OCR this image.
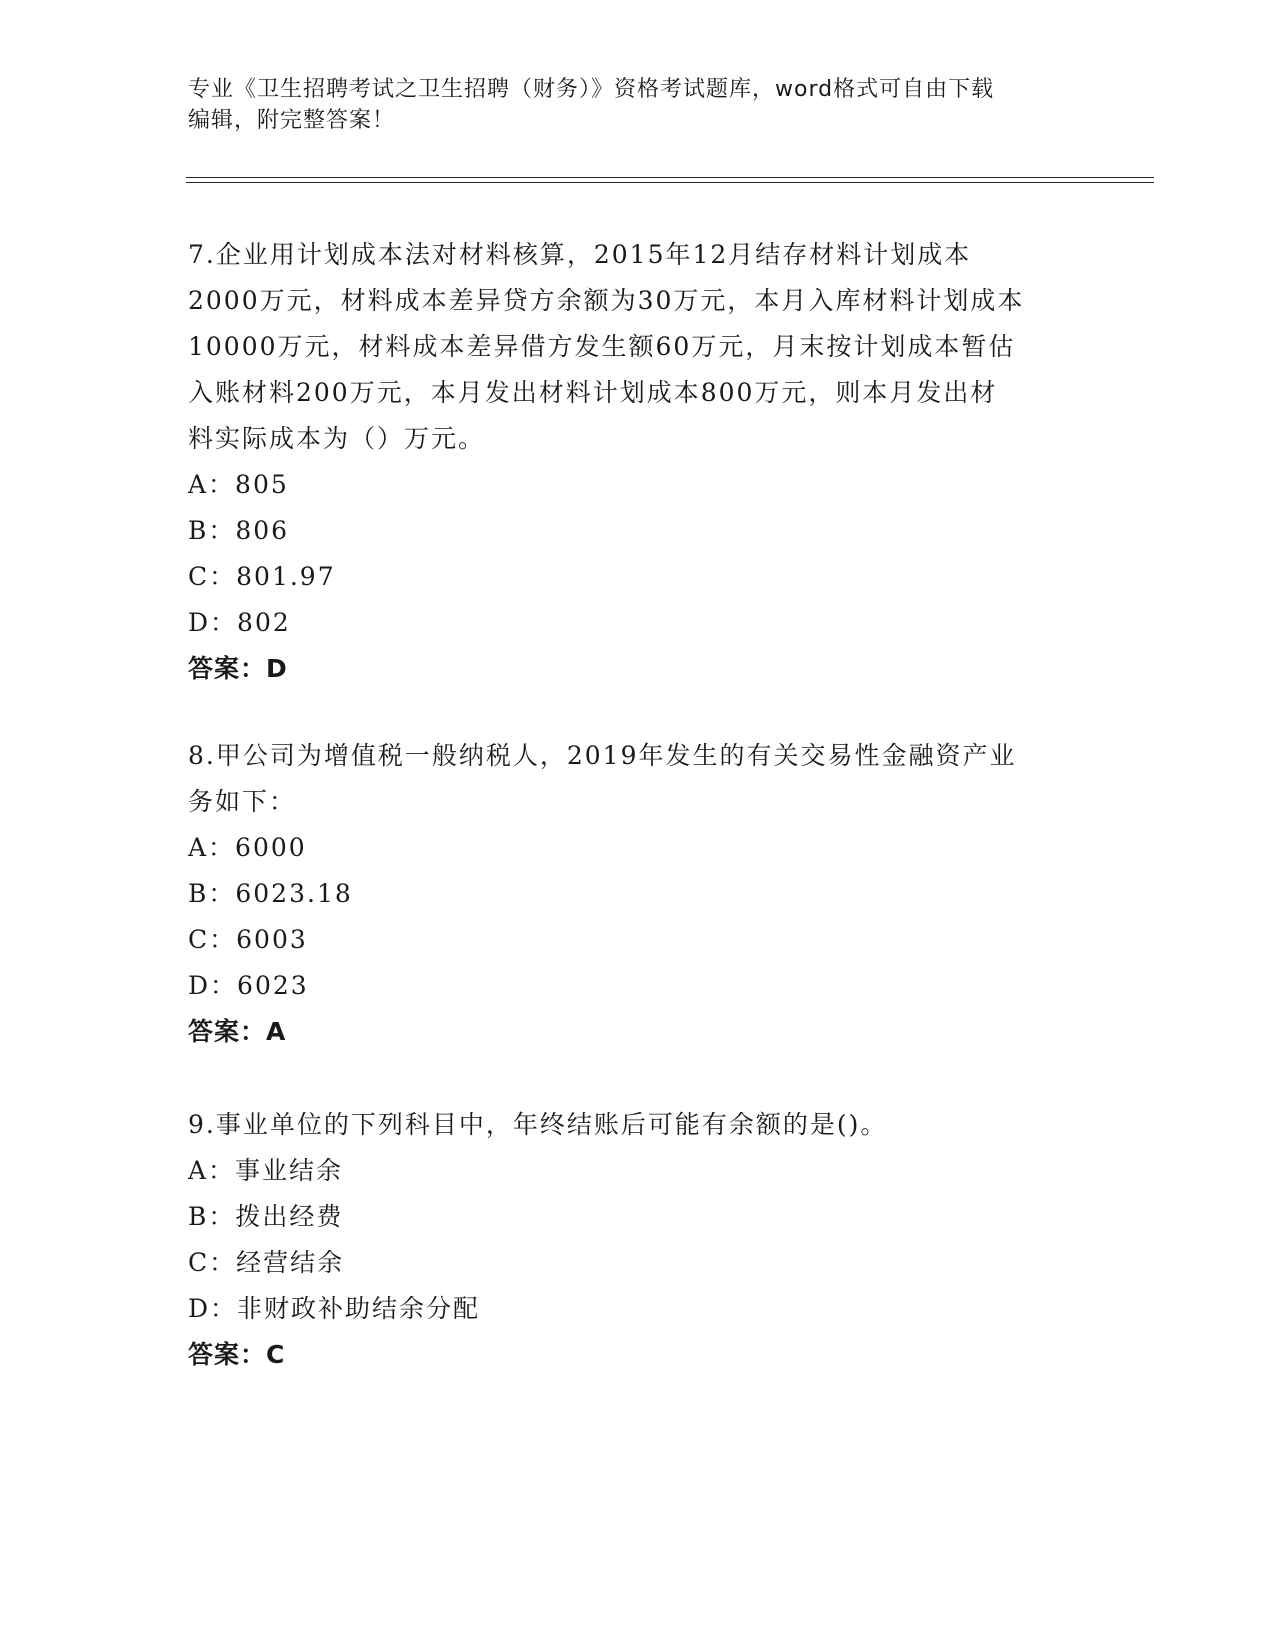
专业《卫生招聘考试之卫生招聘（财务）》资格考试题库，word格式可自由下载
编辑，附完整答案！

7.企业用计划成本法对材料核算，2015年12月结存材料计划成本

2000万元，材料成本差异贷方余额为30万元，本月入库材料计划成本

10000万元，材料成本差异借方发生额60万元，月末按计划成本暂估

入账材料200万元，本月发出材料计划成本800万元，则本月发出材

料实际成本为（）万元。

A：805

B：806

C：801.97

D：802

答案：D

8.甲公司为增值税一般纳税人，2019年发生的有关交易性金融资产业

务如下：

A：6000

B：6023.18

C：6003

D：6023

答案：A

9.事业单位的下列科目中，年终结账后可能有余额的是()。

A：事业结余

B：拨出经费

C：经营结余

D：非财政补助结余分配

答案：C
